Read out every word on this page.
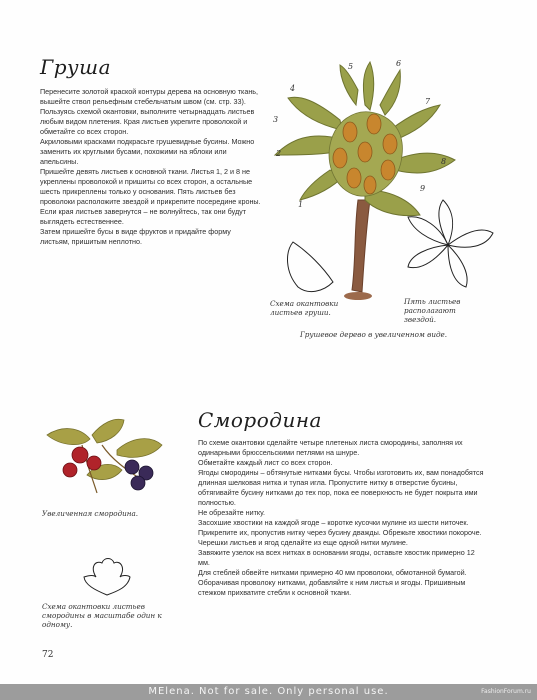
Груша

Перенесите золотой краской контуры дерева на основную ткань, вышейте ствол рельефным стебельчатым швом (см. стр. 33).

Пользуясь схемой окантовки, выполните четырнадцать листьев любым видом плетения. Края листьев укрепите проволокой и обметайте со всех сторон.

Акриловыми красками подкрасьте грушевидные бусины. Можно заменить их круглыми бусами, похожими на яблоки или апельсины.

Пришейте девять листьев к основной ткани. Листья 1, 2 и 8 не укреплены проволокой и пришиты со всех сторон, а остальные шесть прикреплены только у основания. Пять листьев без проволоки расположите звездой и прикрепите посередине кроны. Если края листьев завернутся – не волнуйтесь, так они будут выглядеть естественнее.

Затем пришейте бусы в виде фруктов и придайте форму листьям, пришитым неплотно.

1
2
3
4
5	6
7
8
9
Схема окантовки листьев груши.
Пять листьев располагают звездой.
Грушевое дерево в увеличенном виде.
Смородина
Увеличенная смородина.
Схема окантовки листьев смородины в масштабе один к одному.

По схеме окантовки сделайте четыре плетеных листа смородины, заполняя их одинарными брюссельскими петлями на шнуре.

Обметайте каждый лист со всех сторон.

Ягоды смородины – обтянутые нитками бусы. Чтобы изготовить их, вам понадобятся длинная шелковая нитка и тупая игла. Пропустите нитку в отверстие бусины, обтягивайте бусину нитками до тех пор, пока ее поверхность не будет покрыта ими полностью.

Не обрезайте нитку.

Засохшие хвостики на каждой ягоде – коротке кусочки мулине из шести ниточек. Прикрепите их, пропустив нитку через бусину дважды. Обрежьте хвостики покороче.

Черешки листьев и ягод сделайте из еще одной нитки мулине.

Завяжите узелок на всех нитках в основании ягоды, оставьте хвостик примерно 12 мм.

Для стеблей обвейте нитками примерно 40 мм проволоки, обмотанной бумагой. Оборачивая проволоку нитками, добавляйте к ним листья и ягоды. Пришивным стежком прихватите стебли к основной ткани.

72
MElena. Not for sale. Only personal use.	FashionForum.ru
